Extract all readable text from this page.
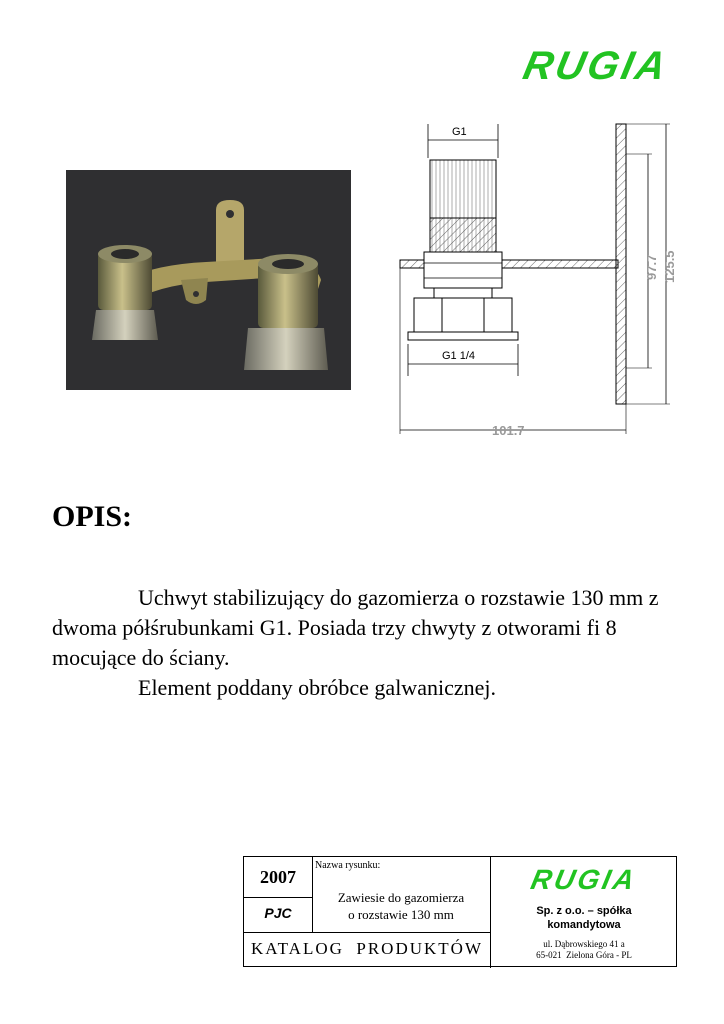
RUGIA
G1
G1 1/4
97.7 125.5
101.7
OPIS:

Uchwyt stabilizujący do gazomierza o rozstawie 130 mm z dwoma półśrubunkami G1. Posiada trzy chwyty z otworami fi 8 mocujące do ściany.

Element poddany obróbce galwanicznej.

2007
PJC
Nazwa rysunku:
Zawiesie do gazomierza
o rozstawie 130 mm
KATALOG  PRODUKTÓW
RUGIA
Sp. z o.o. – spółka
komandytowa
ul. Dąbrowskiego 41 a
65-021  Zielona Góra - PL
